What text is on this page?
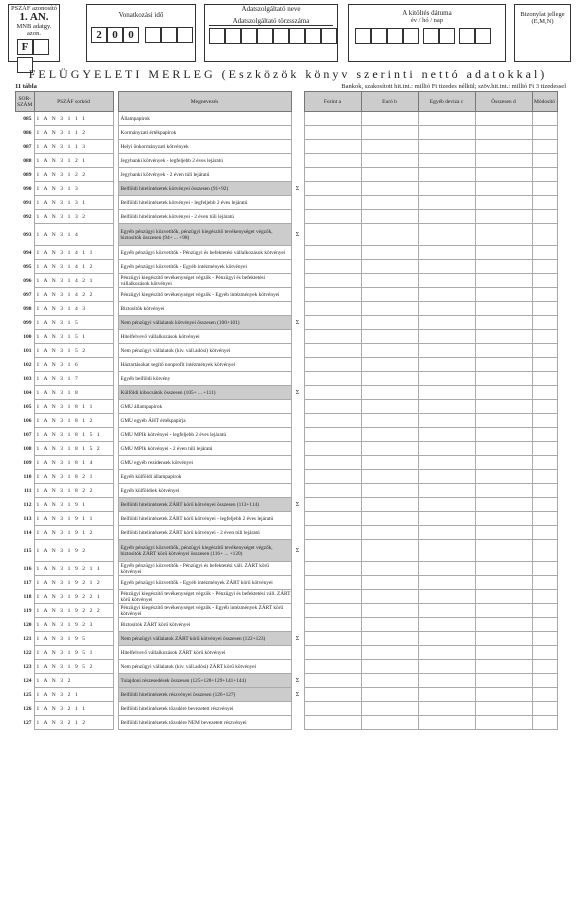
PSZÁF azonosító
1. AN.
MNB adatgy. azon.
F
Vonatkozási idő
2 0 0
Adatszolgáltató neve
Adatszolgáltató törzsszáma
A kitöltés dátuma
év / hó / nap
Bizonylat jellege (E,M,N)
FELÜGYELETI MERLEG (Eszközök könyv szerinti nettó adatokkal)
11 tábla	Bankok, szakosított hit.int.: millió Ft tizedes nélkül; szöv.hit.int.: millió Ft 3 tizedessel
SOR-SZÁM	PSZÁF sorkód		Megnevezés		Forint a	Euró b	Egyéb deviza c	Összesen d	Módosító
085	1 A N 3 1 1 1		Állampapírok						
086	1 A N 3 1 1 2		Kormányzati értékpapírok						
087	1 A N 3 1 1 3		Helyi önkormányzati kötvények						
088	1 A N 3 1 2 1		Jegybanki kötvények - legfeljebb 2 éves lejáratú						
089	1 A N 3 1 2 2		Jegybanki kötvények - 2 éven túli lejáratú						
090	1 A N 3 1 3		Belföldi hitelintézetek kötvényei összesen (91+92)	Σ					
091	1 A N 3 1 3 1		Belföldi hitelintézetek kötvényei - legfeljebb 2 éves lejáratú						
092	1 A N 3 1 3 2		Belföldi hitelintézetek kötvényei - 2 éven túli lejáratú						
093	1 A N 3 1 4		Egyéb pénzügyi közvetítők, pénzügyi kiegészítő tevékenységet végzők, biztosítók összesen (94+ ... +98)	Σ					
094	1 A N 3 1 4 1 1		Egyéb pénzügyi közvetítők - Pénzügyi és befektetési vállalkozások kötvényei						
095	1 A N 3 1 4 1 2		Egyéb pénzügyi közvetítők - Egyéb intézmények kötvényei						
096	1 A N 3 1 4 2 1		Pénzügyi kiegészítő tevékenységet végzők - Pénzügyi és befektetési vállalkozások kötvényei						
097	1 A N 3 1 4 2 2		Pénzügyi kiegészítő tevékenységet végzők - Egyéb intézmények kötvényei						
098	1 A N 3 1 4 3		Biztosítók kötvényei						
099	1 A N 3 1 5		Nem pénzügyi vállalatok kötvényei összesen (100+101)	Σ					
100	1 A N 3 1 5 1		Hitelfelvevő vállalkozások kötvényei						
101	1 A N 3 1 5 2		Nem pénzügyi vállalatok (kiv. váll.adósi) kötvényei						
102	1 A N 3 1 6		Háztartásokat segítő nonprofit intézmények kötvényei						
103	1 A N 3 1 7		Egyéb belföldi kötvény						
104	1 A N 3 1 8		Külföldi kibocsátók összesen (105+ ... +111)	Σ					
105	1 A N 3 1 8 1 1		GMU állampapírok						
106	1 A N 3 1 8 1 2		GMU egyéb ÁHT értékpapírja						
107	1 A N 3 1 8 1 5 1		GMU MPIk kötvényei - legfeljebb 2 éves lejáratú						
108	1 A N 3 1 8 1 5 2		GMU MPIk kötvényei - 2 éven túli lejáratú						
109	1 A N 3 1 8 1 4		GMU egyéb rezidensek kötvényei						
110	1 A N 3 1 8 2 1		Egyéb külföldi állampapírok						
111	1 A N 3 1 8 2 2		Egyéb külföldiek kötvényei						
112	1 A N 3 1 9 1		Belföldi hitelintézetek ZÁRT körű kötvényei összesen (113+114)	Σ					
113	1 A N 3 1 9 1 1		Belföldi hitelintézetek ZÁRT körű kötvényei - legfeljebb 2 éves lejáratú						
114	1 A N 3 1 9 1 2		Belföldi hitelintézetek ZÁRT körű kötvényei - 2 éven túli lejáratú						
115	1 A N 3 1 9 2		Egyéb pénzügyi közvetítők, pénzügyi kiegészítő tevékenységet végzők, biztosítók ZÁRT körű kötvényei összesen (116+ ... +120)	Σ					
116	1 A N 3 1 9 2 1 1		Egyéb pénzügyi közvetítők - Pénzügyi és befektetési váll. ZÁRT körű kötvényei						
117	1 A N 3 1 9 2 1 2		Egyéb pénzügyi közvetítők - Egyéb intézmények ZÁRT körű kötvényei						
118	1 A N 3 1 9 2 2 1		Pénzügyi kiegészítő tevékenységet végzők - Pénzügyi és befektetési váll. ZÁRT körű kötvényei						
119	1 A N 3 1 9 2 2 2		Pénzügyi kiegészítő tevékenységet végzők - Egyéb intézmények ZÁRT körű kötvényei						
120	1 A N 3 1 9 2 3		Biztosítók ZÁRT körű kötvényei						
121	1 A N 3 1 9 5		Nem pénzügyi vállalatok ZÁRT körű kötvényei összesen (122+123)	Σ					
122	1 A N 3 1 9 5 1		Hitelfelvevő vállalkozások ZÁRT körű kötvényei						
123	1 A N 3 1 9 5 2		Nem pénzügyi vállalatok (kiv. váll.adósi) ZÁRT körű kötvényei						
124	1 A N 3 2		Tulajdoni részesedések összesen (125+128+129+141+144)	Σ					
125	1 A N 3 2 1		Belföldi hitelintézetek részvényei összesen (126+127)	Σ					
126	1 A N 3 2 1 1		Belföldi hitelintézetek tőzsdére bevezetett részvényei						
127	1 A N 3 2 1 2		Belföldi hitelintézetek tőzsdére NEM bevezetett részvényei						
